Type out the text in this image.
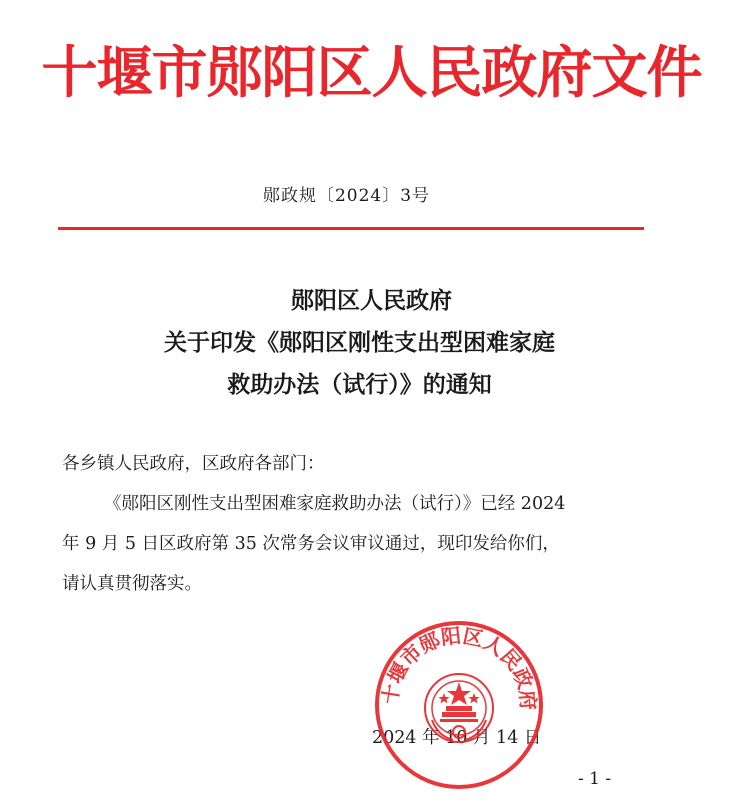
十堰市郧阳区人民政府文件
郧政规〔2024〕3号
郧阳区人民政府
关于印发《郧阳区刚性支出型困难家庭
救助办法（试行）》的通知
各乡镇人民政府，区政府各部门：
《郧阳区刚性支出型困难家庭救助办法（试行）》已经 2024
年 9 月 5 日区政府第 35 次常务会议审议通过，现印发给你们，
请认真贯彻落实。
2024 年 10 月 14 日
十堰市郧阳区人民政府
- 1 -
